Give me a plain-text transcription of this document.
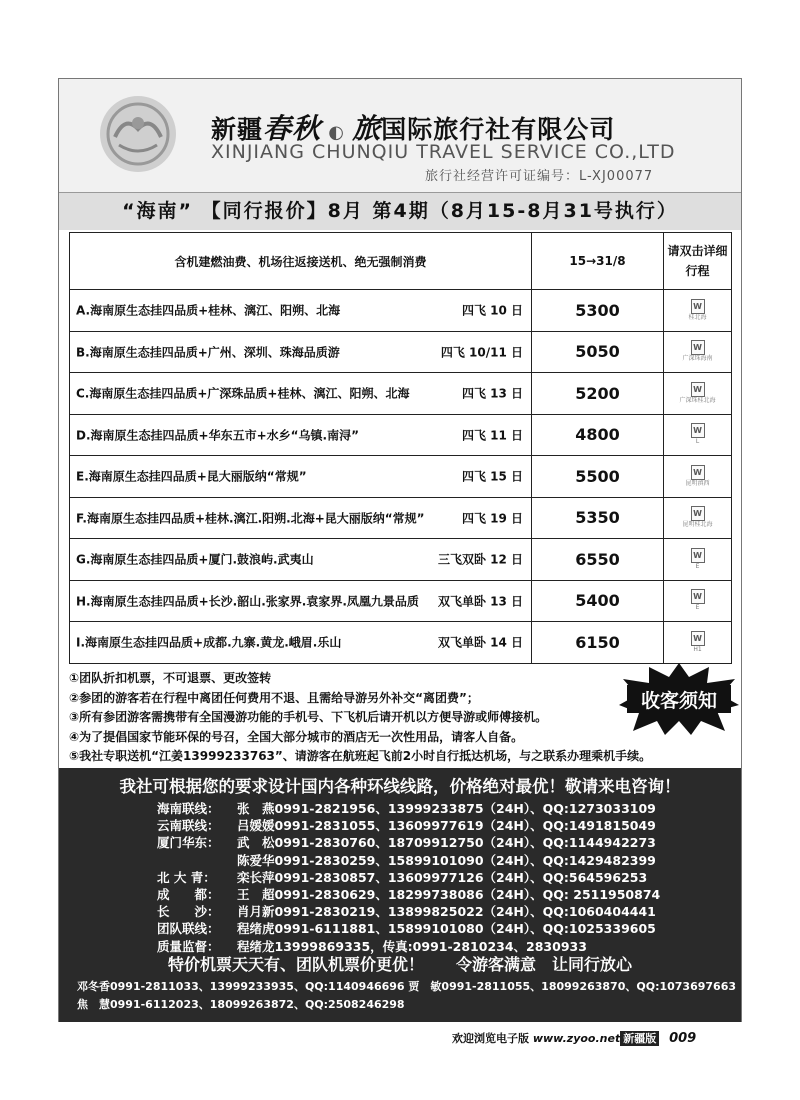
新疆春秋 ◐ 旅国际旅行社有限公司
XINJIANG CHUNQIU TRAVEL SERVICE CO.,LTD
旅行社经营许可证编号：L-XJ00077
“海南” 【同行报价】8月 第4期（8月15-8月31号执行）
含机建燃油费、机场往返接送机、绝无强制消费	15→31/8	请双击详细行程

A.海南原生态挂四品质+桂林、漓江、阳朔、北海 四飞 10 日	5300	W
桂北海

B.海南原生态挂四品质+广州、深圳、珠海品质游 四飞 10/11 日	5050	W
广深珠海南

C.海南原生态挂四品质+广深珠品质+桂林、漓江、阳朔、北海 四飞 13 日	5200	W
广深珠桂北海

D.海南原生态挂四品质+华东五市+水乡“乌镇.南浔” 四飞 11 日	4800	W
L

E.海南原生态挂四品质+昆大丽版纳“常规” 四飞 15 日	5500	W
昆明滇西

F.海南原生态挂四品质+桂林.漓江.阳朔.北海+昆大丽版纳“常规” 四飞 19 日	5350	W
昆明桂北海

G.海南原生态挂四品质+厦门.鼓浪屿.武夷山 三飞双卧 12 日	6550	W
E

H.海南原生态挂四品质+长沙.韶山.张家界.袁家界.凤凰九景品质 双飞单卧 13 日	5400	W
E

I.海南原生态挂四品质+成都.九寨.黄龙.峨眉.乐山 双飞单卧 14 日	6150	W
H1
①团队折扣机票，不可退票、更改签转
②参团的游客若在行程中离团任何费用不退、且需给导游另外补交“离团费”；
③所有参团游客需携带有全国漫游功能的手机号、下飞机后请开机以方便导游或师傅接机。
④为了提倡国家节能环保的号召，全国大部分城市的酒店无一次性用品，请客人自备。
⑤我社专职送机“江姜13999233763”、请游客在航班起飞前2小时自行抵达机场，与之联系办理乘机手续。
收客须知
我社可根据您的要求设计国内各种环线线路，价格绝对最优！敬请来电咨询！
海南联线：	张　燕0991-2821956、13999233875（24H）、QQ:1273033109
云南联线：	吕媛媛0991-2831055、13609977619（24H）、QQ:1491815049
厦门华东：	武　松0991-2830760、18709912750（24H）、QQ:1144942273
陈爱华0991-2830259、15899101090（24H）、QQ:1429482399
北 大 青：	栾长萍0991-2830857、13609977126（24H）、QQ:564596253
成　　都：	王　超0991-2830629、18299738086（24H）、QQ: 2511950874
长　　沙：	肖月新0991-2830219、13899825022（24H）、QQ:1060404441
团队联线：	程绪虎0991-6111881、15899101080（24H）、QQ:1025339605
质量监督：	程绪龙13999869335，传真:0991-2810234、2830933
特价机票天天有、团队机票价更优！　　令游客满意　让同行放心
邓冬香0991-2811033、13999233935、QQ:1140946696 贾　敏0991-2811055、18099263870、QQ:1073697663
焦　慧0991-6112023、18099263872、QQ:2508246298
欢迎浏览电子版 www.zyoo.net 新疆版 009
